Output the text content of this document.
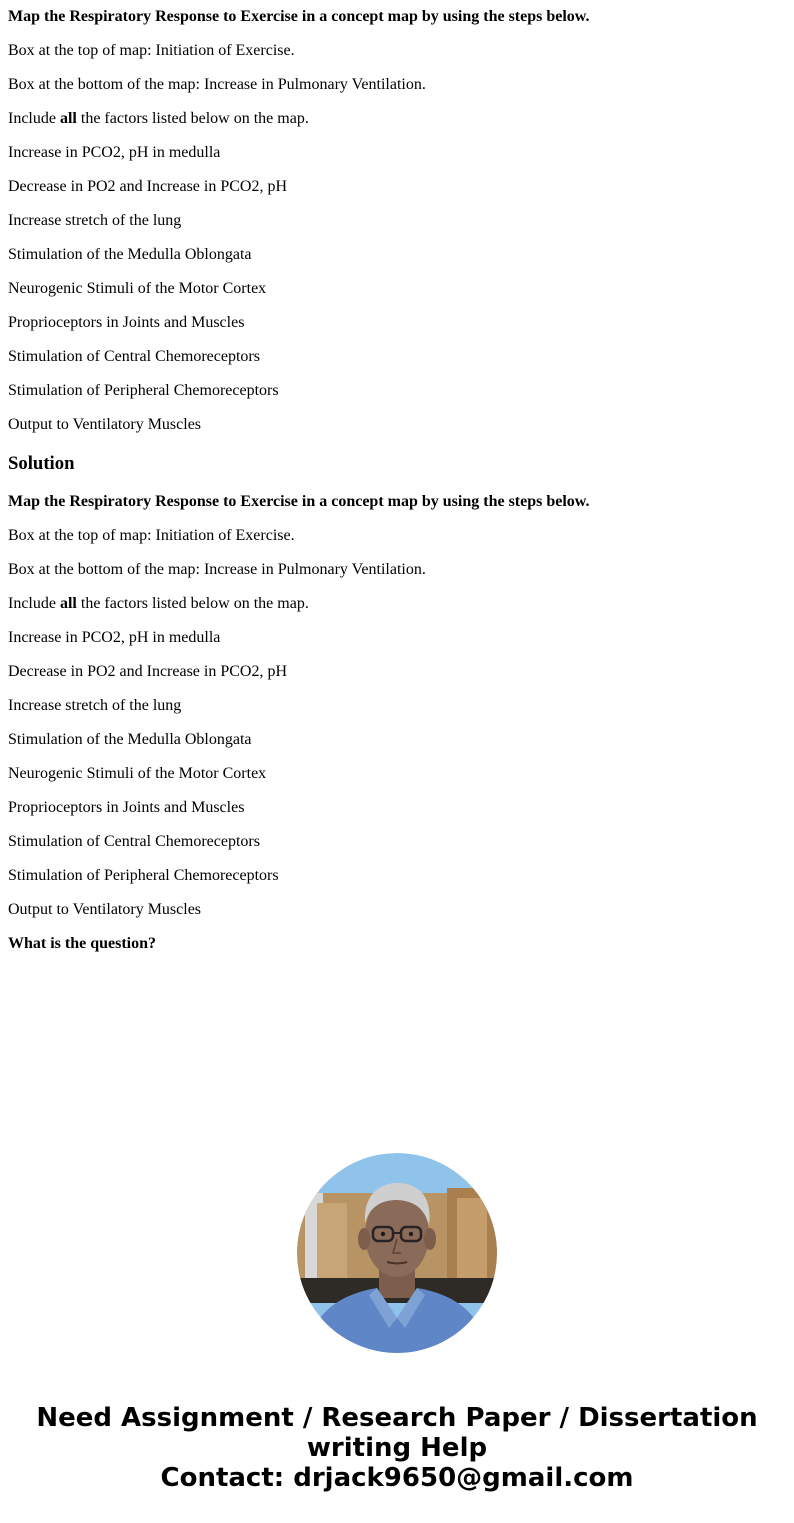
Map the Respiratory Response to Exercise in a concept map by using the steps below.

Box at the top of map: Initiation of Exercise.

Box at the bottom of the map: Increase in Pulmonary Ventilation.

Include all the factors listed below on the map.

Increase in PCO2, pH in medulla

Decrease in PO2 and Increase in PCO2, pH

Increase stretch of the lung

Stimulation of the Medulla Oblongata

Neurogenic Stimuli of the Motor Cortex

Proprioceptors in Joints and Muscles

Stimulation of Central Chemoreceptors

Stimulation of Peripheral Chemoreceptors

Output to Ventilatory Muscles

Solution

Map the Respiratory Response to Exercise in a concept map by using the steps below.

Box at the top of map: Initiation of Exercise.

Box at the bottom of the map: Increase in Pulmonary Ventilation.

Include all the factors listed below on the map.

Increase in PCO2, pH in medulla

Decrease in PO2 and Increase in PCO2, pH

Increase stretch of the lung

Stimulation of the Medulla Oblongata

Neurogenic Stimuli of the Motor Cortex

Proprioceptors in Joints and Muscles

Stimulation of Central Chemoreceptors

Stimulation of Peripheral Chemoreceptors

Output to Ventilatory Muscles

What is the question?

Need Assignment / Research Paper / Dissertation
writing Help
Contact: drjack9650@gmail.com
